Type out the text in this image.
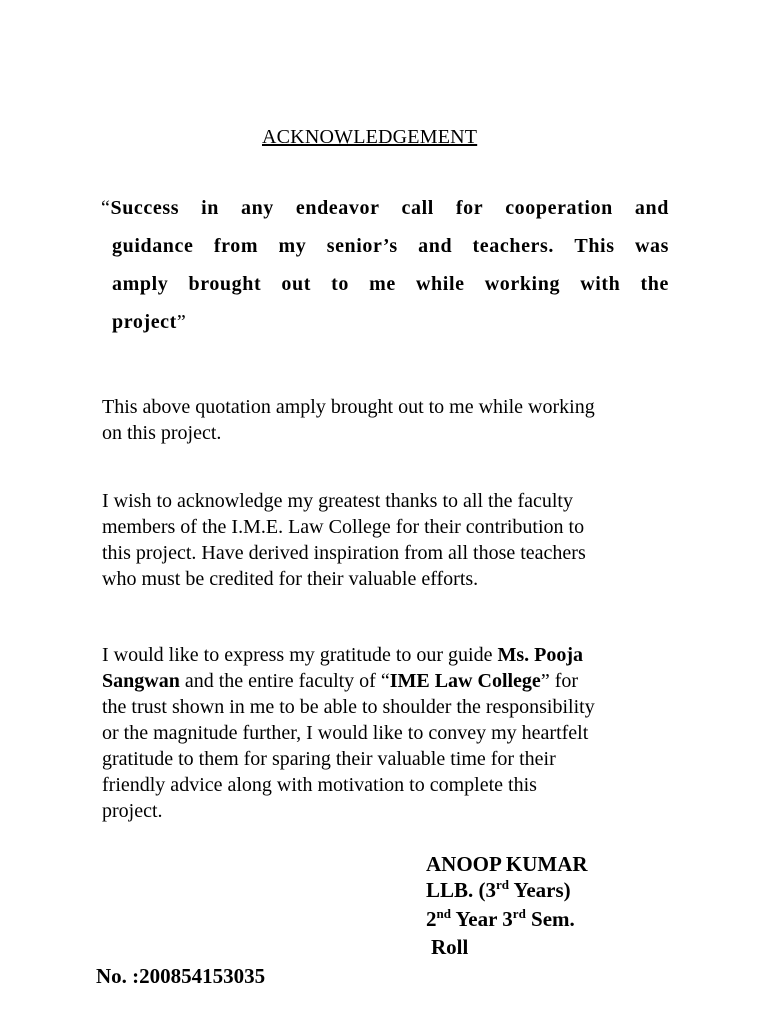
ACKNOWLEDGEMENT
“Success in any endeavor call for cooperation and
guidance from my senior’s and teachers. This was
amply brought out to me while working with the
project ”
This above quotation amply brought out to me while working
on this project.
I wish to acknowledge my greatest thanks to all the faculty
members of the I.M.E. Law College for their contribution to
this project. Have derived inspiration from all those teachers
who must be credited for their valuable efforts.
I would like to express my gratitude to our guide Ms. Pooja
Sangwan and the entire faculty of “IME Law College” for
the trust shown in me to be able to shoulder the responsibility
or the magnitude further, I would like to convey my heartfelt
gratitude to them for sparing their valuable time for their
friendly advice along with motivation to complete this
project.
ANOOP KUMAR
LLB. (3rd Years)
2nd Year 3rd Sem.
Roll
No. :200854153035
